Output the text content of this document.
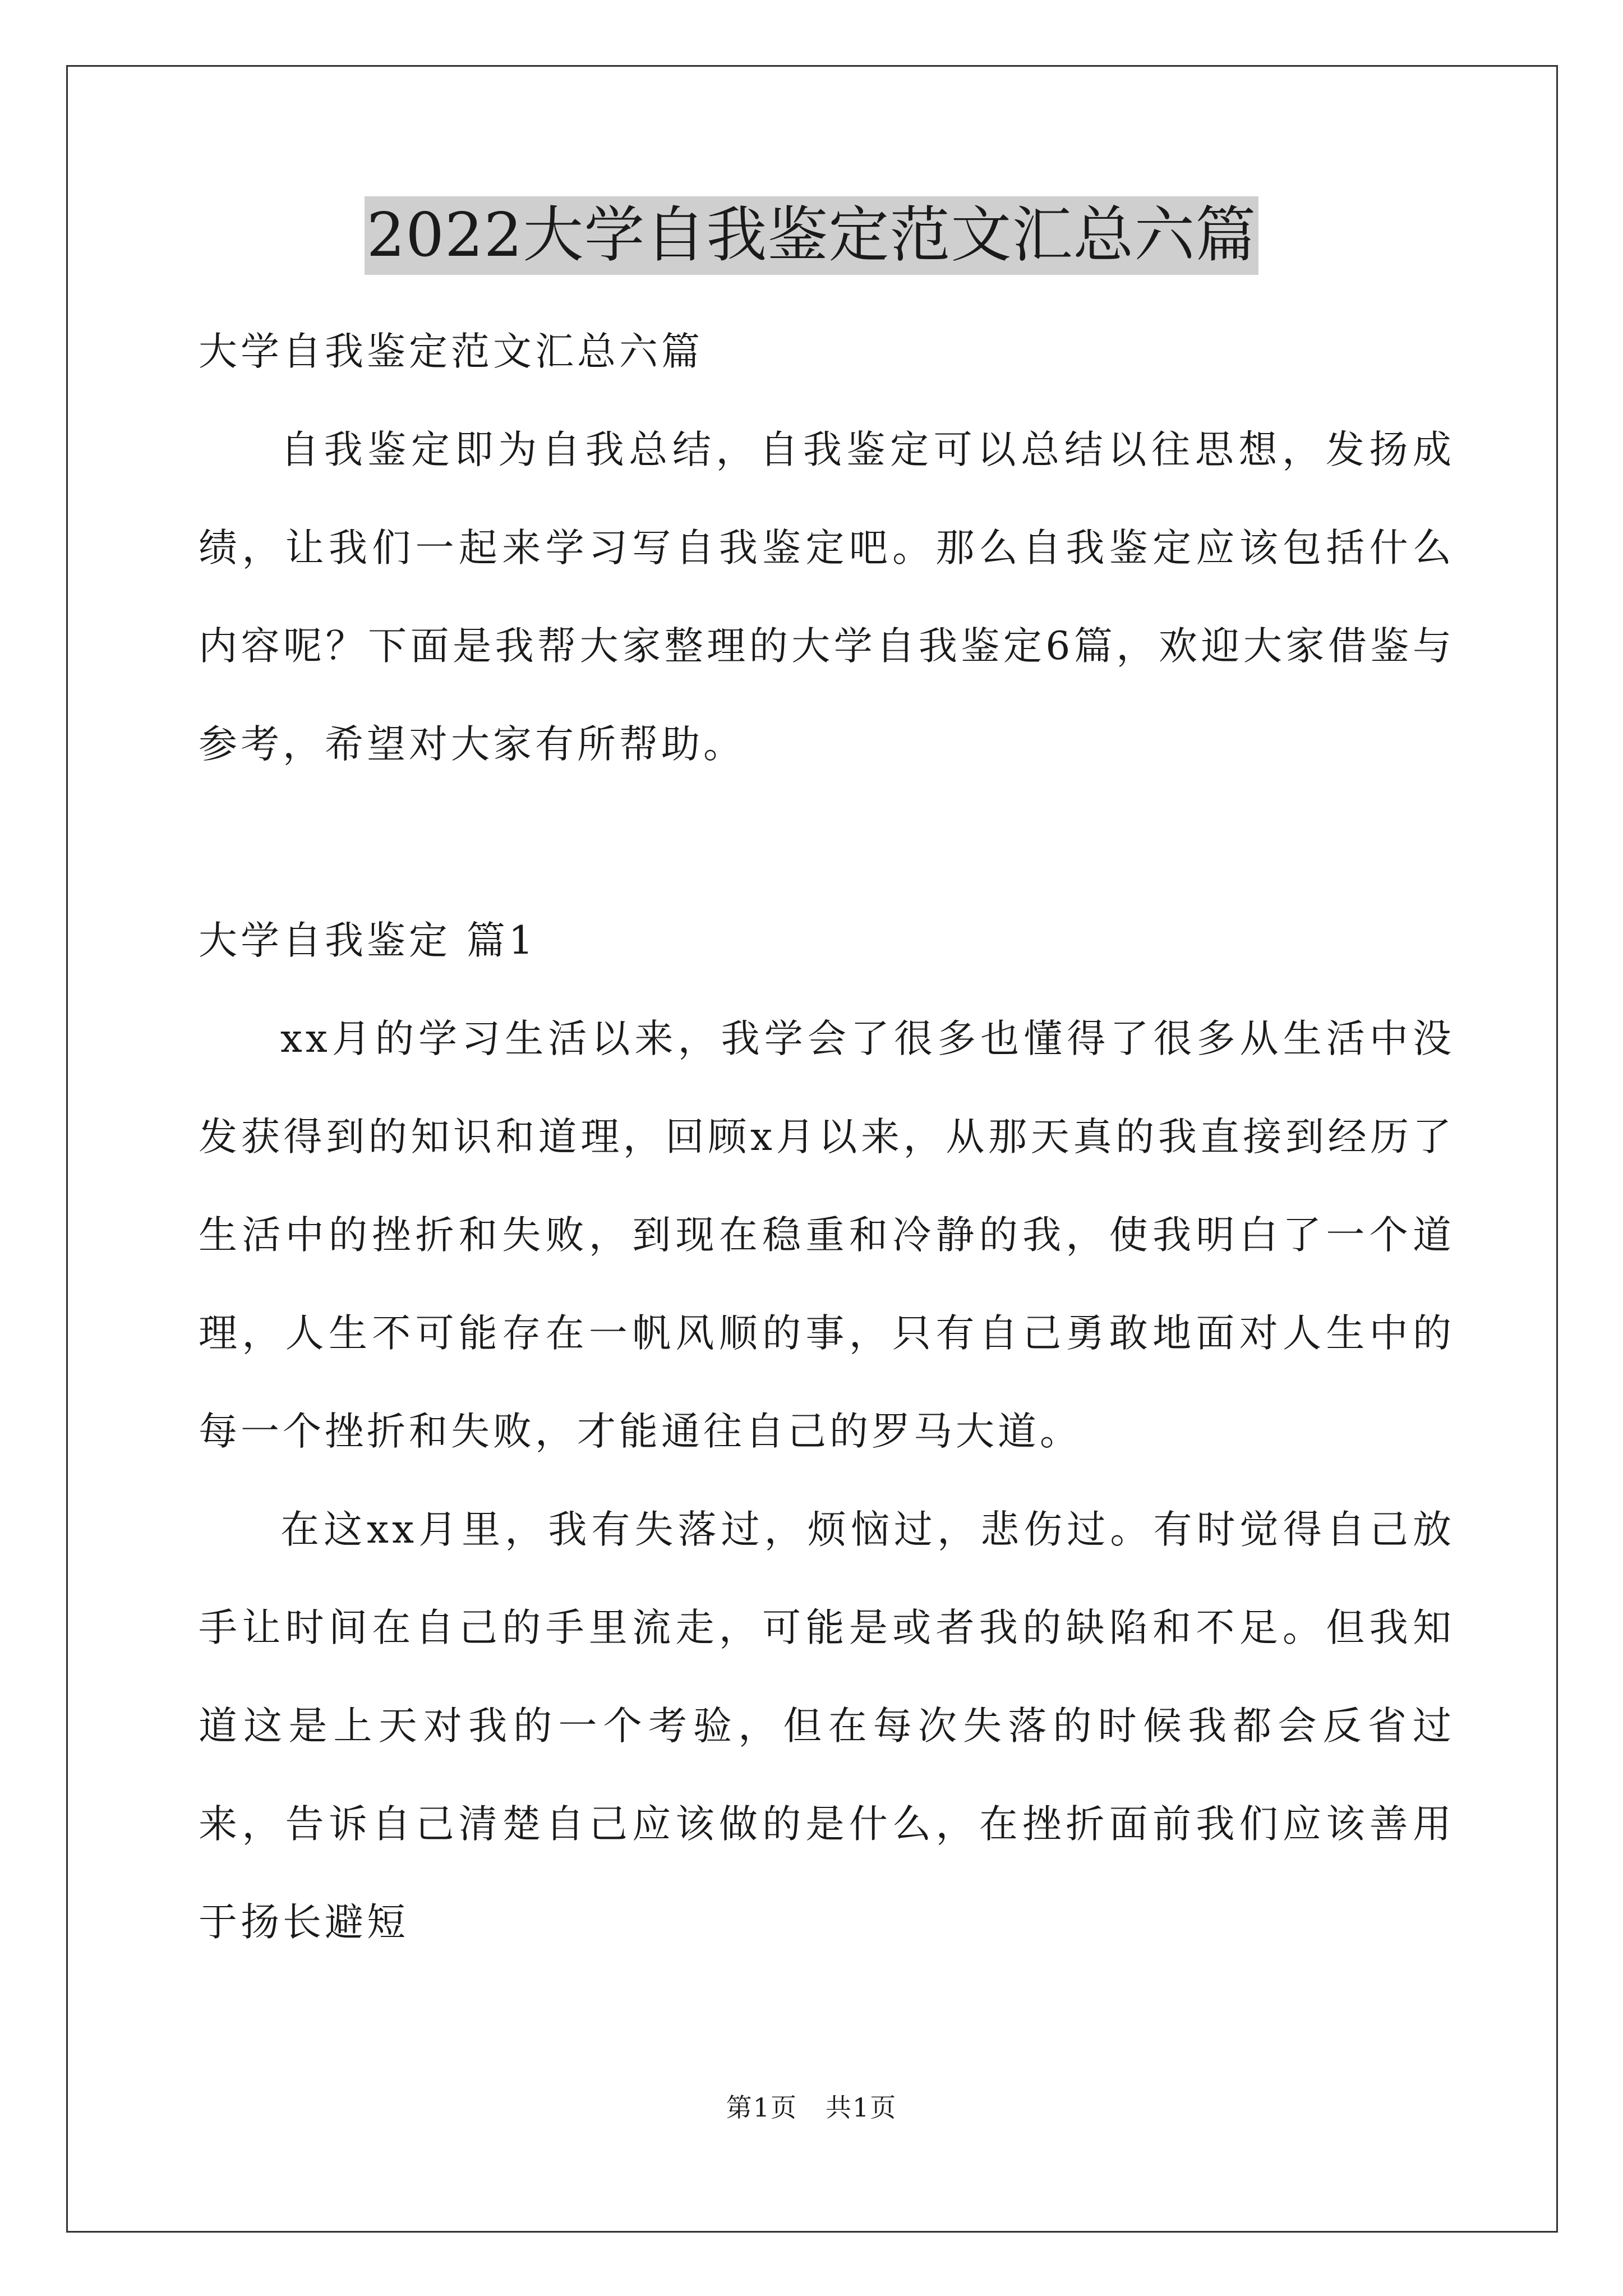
2022大学自我鉴定范文汇总六篇

大学自我鉴定范文汇总六篇

自我鉴定即为自我总结，自我鉴定可以总结以往思想，发扬成绩，让我们一起来学习写自我鉴定吧。那么自我鉴定应该包括什么内容呢？下面是我帮大家整理的大学自我鉴定6篇，欢迎大家借鉴与参考，希望对大家有所帮助。

大学自我鉴定 篇1

xx月的学习生活以来，我学会了很多也懂得了很多从生活中没发获得到的知识和道理，回顾x月以来，从那天真的我直接到经历了生活中的挫折和失败，到现在稳重和冷静的我，使我明白了一个道理，人生不可能存在一帆风顺的事，只有自己勇敢地面对人生中的每一个挫折和失败，才能通往自己的罗马大道。

在这xx月里，我有失落过，烦恼过，悲伤过。有时觉得自己放手让时间在自己的手里流走，可能是或者我的缺陷和不足。但我知道这是上天对我的一个考验，但在每次失落的时候我都会反省过来，告诉自己清楚自己应该做的是什么，在挫折面前我们应该善用于扬长避短

第1页 共1页
